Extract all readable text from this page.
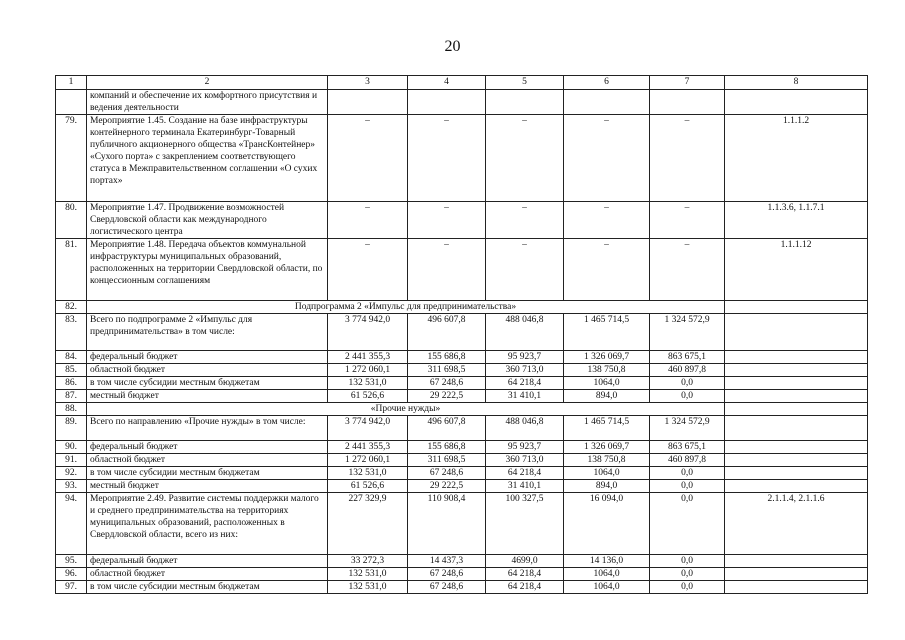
20
1	2	3	4	5	6	7	8
	компаний и обеспечение их комфортного присутствия и ведения деятельности						
79.	Мероприятие 1.45. Создание на базе инфраструктуры контейнерного терминала Екатеринбург-Товарный публичного акционерного общества «ТрансКонтейнер» «Сухого порта» с закреплением соответствующего статуса в Межправительственном соглашении «О сухих портах»	–	–	–	–	–	1.1.1.2
80.	Мероприятие 1.47. Продвижение возможностей Свердловской области как международного логистического центра	–	–	–	–	–	1.1.3.6, 1.1.7.1
81.	Мероприятие 1.48. Передача объектов коммунальной инфраструктуры муниципальных образований, расположенных на территории Свердловской области, по концессионным соглашениям	–	–	–	–	–	1.1.1.12
82.	Подпрограмма 2 «Импульс для предпринимательства»						
83.	Всего по подпрограмме 2 «Импульс для предпринимательства» в том числе:	3 774 942,0	496 607,8	488 046,8	1 465 714,5	1 324 572,9	
84.	федеральный бюджет	2 441 355,3	155 686,8	95 923,7	1 326 069,7	863 675,1	
85.	областной бюджет	1 272 060,1	311 698,5	360 713,0	138 750,8	460 897,8	
86.	в том числе субсидии местным бюджетам	132 531,0	67 248,6	64 218,4	1064,0	0,0	
87.	местный бюджет	61 526,6	29 222,5	31 410,1	894,0	0,0	
88.	«Прочие нужды»						
89.	Всего по направлению «Прочие нужды» в том числе:	3 774 942,0	496 607,8	488 046,8	1 465 714,5	1 324 572,9	
90.	федеральный бюджет	2 441 355,3	155 686,8	95 923,7	1 326 069,7	863 675,1	
91.	областной бюджет	1 272 060,1	311 698,5	360 713,0	138 750,8	460 897,8	
92.	в том числе субсидии местным бюджетам	132 531,0	67 248,6	64 218,4	1064,0	0,0	
93.	местный бюджет	61 526,6	29 222,5	31 410,1	894,0	0,0	
94.	Мероприятие 2.49. Развитие системы поддержки малого и среднего предпринимательства на территориях муниципальных образований, расположенных в Свердловской области, всего из них:	227 329,9	110 908,4	100 327,5	16 094,0	0,0	2.1.1.4, 2.1.1.6
95.	федеральный бюджет	33 272,3	14 437,3	4699,0	14 136,0	0,0	
96.	областной бюджет	132 531,0	67 248,6	64 218,4	1064,0	0,0	
97.	в том числе субсидии местным бюджетам	132 531,0	67 248,6	64 218,4	1064,0	0,0	
